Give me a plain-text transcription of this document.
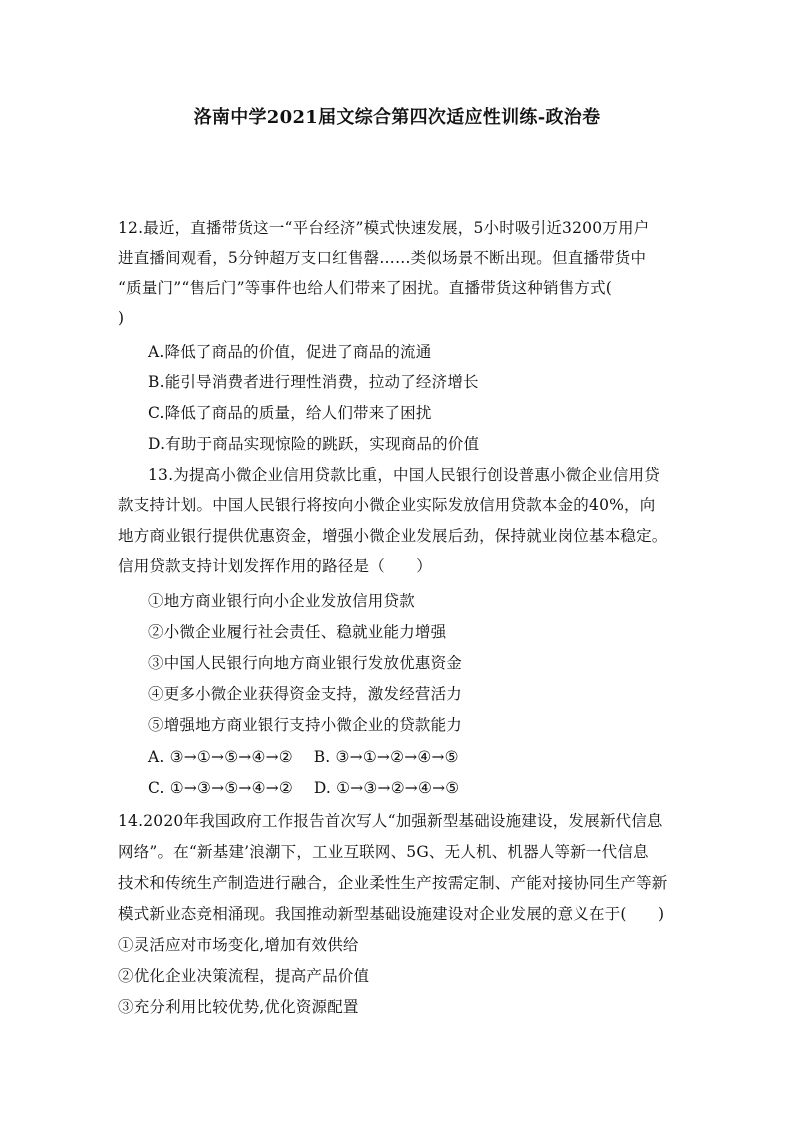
洛南中学2021届文综合第四次适应性训练-政治卷
12.最近，直播带货这一“平台经济”模式快速发展，5小时吸引近3200万用户
进直播间观看，5分钟超万支口红售罄……类似场景不断出现。但直播带货中
“质量门”“售后门”等事件也给人们带来了困扰。直播带货这种销售方式(
)
A.降低了商品的价值，促进了商品的流通
B.能引导消费者进行理性消费，拉动了经济增长
C.降低了商品的质量，给人们带来了困扰
D.有助于商品实现惊险的跳跃，实现商品的价值
13.为提高小微企业信用贷款比重，中国人民银行创设普惠小微企业信用贷
款支持计划。中国人民银行将按向小微企业实际发放信用贷款本金的40%，向
地方商业银行提供优惠资金，增强小微企业发展后劲，保持就业岗位基本稳定。
信用贷款支持计划发挥作用的路径是（　　）
①地方商业银行向小企业发放信用贷款
②小微企业履行社会责任、稳就业能力增强
③中国人民银行向地方商业银行发放优惠资金
④更多小微企业获得资金支持，激发经营活力
⑤增强地方商业银行支持小微企业的贷款能力
A. ③→①→⑤→④→②　 B. ③→①→②→④→⑤
C. ①→③→⑤→④→②　 D. ①→③→②→④→⑤
14.2020年我国政府工作报告首次写人“加强新型基础设施建设，发展新代信息
网络”。在“新基建’浪潮下，工业互联网、5G、无人机、机器人等新一代信息
技术和传统生产制造进行融合，企业柔性生产按需定制、产能对接协同生产等新
模式新业态竞相涌现。我国推动新型基础设施建设对企业发展的意义在于(　　)
①灵活应对市场变化,增加有效供给
②优化企业决策流程，提高产品价值
③充分利用比较优势,优化资源配置
